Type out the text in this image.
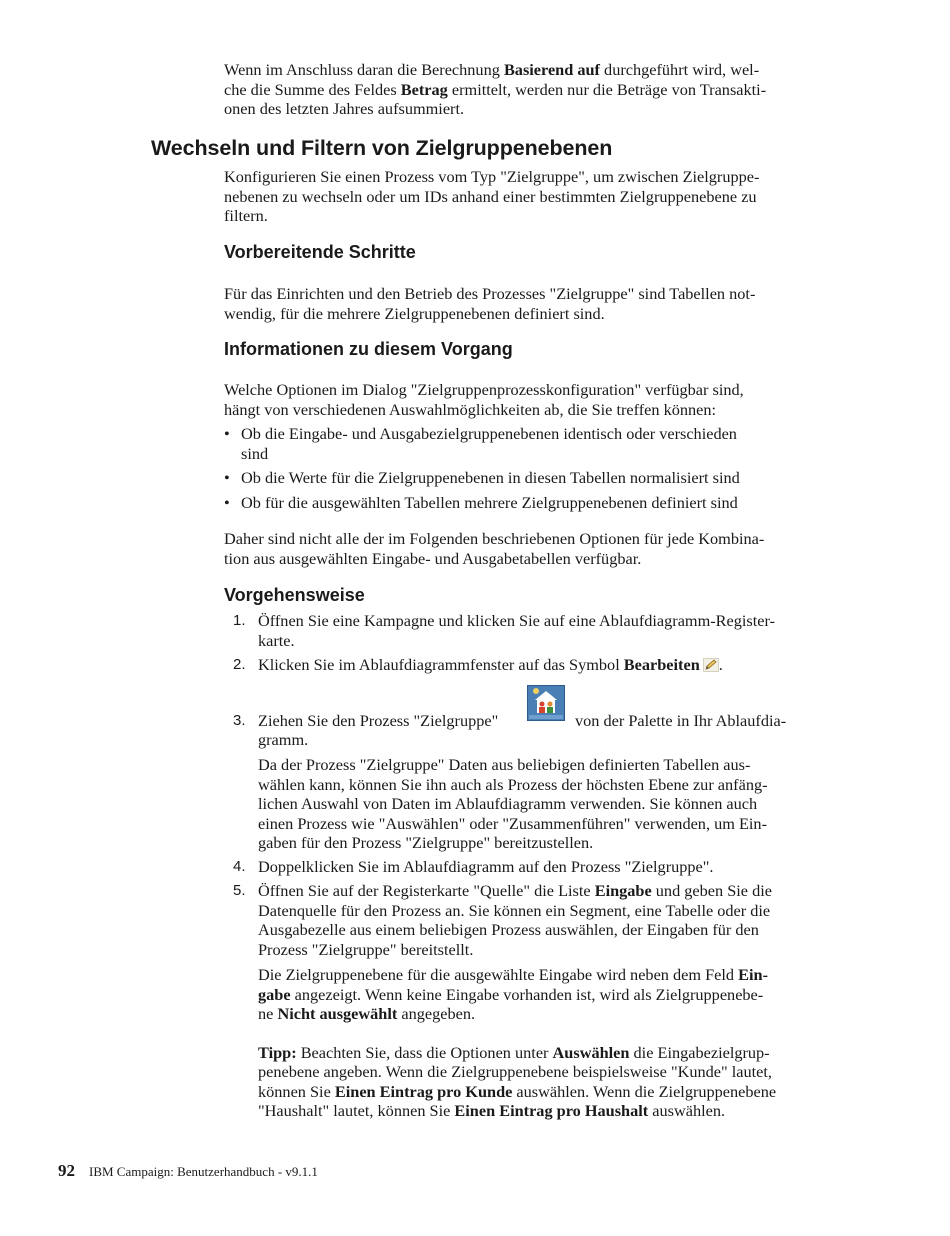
Wenn im Anschluss daran die Berechnung Basierend auf durchgeführt wird, wel-
che die Summe des Feldes Betrag ermittelt, werden nur die Beträge von Transakti-
onen des letzten Jahres aufsummiert.
Wechseln und Filtern von Zielgruppenebenen
Konfigurieren Sie einen Prozess vom Typ "Zielgruppe", um zwischen Zielgruppe-
nebenen zu wechseln oder um IDs anhand einer bestimmten Zielgruppenebene zu
filtern.
Vorbereitende Schritte
Für das Einrichten und den Betrieb des Prozesses "Zielgruppe" sind Tabellen not-
wendig, für die mehrere Zielgruppenebenen definiert sind.
Informationen zu diesem Vorgang
Welche Optionen im Dialog "Zielgruppenprozesskonfiguration" verfügbar sind,
hängt von verschiedenen Auswahlmöglichkeiten ab, die Sie treffen können:
• Ob die Eingabe- und Ausgabezielgruppenebenen identisch oder verschieden
sind
• Ob die Werte für die Zielgruppenebenen in diesen Tabellen normalisiert sind
• Ob für die ausgewählten Tabellen mehrere Zielgruppenebenen definiert sind
Daher sind nicht alle der im Folgenden beschriebenen Optionen für jede Kombina-
tion aus ausgewählten Eingabe- und Ausgabetabellen verfügbar.
Vorgehensweise
1. Öffnen Sie eine Kampagne und klicken Sie auf eine Ablaufdiagramm-Register-
karte.
2. Klicken Sie im Ablaufdiagrammfenster auf das Symbol Bearbeiten .
3. Ziehen Sie den Prozess "Zielgruppe"	von der Palette in Ihr Ablaufdia-
gramm.
Da der Prozess "Zielgruppe" Daten aus beliebigen definierten Tabellen aus-
wählen kann, können Sie ihn auch als Prozess der höchsten Ebene zur anfäng-
lichen Auswahl von Daten im Ablaufdiagramm verwenden. Sie können auch
einen Prozess wie "Auswählen" oder "Zusammenführen" verwenden, um Ein-
gaben für den Prozess "Zielgruppe" bereitzustellen.
4. Doppelklicken Sie im Ablaufdiagramm auf den Prozess "Zielgruppe".
5. Öffnen Sie auf der Registerkarte "Quelle" die Liste Eingabe und geben Sie die
Datenquelle für den Prozess an. Sie können ein Segment, eine Tabelle oder die
Ausgabezelle aus einem beliebigen Prozess auswählen, der Eingaben für den
Prozess "Zielgruppe" bereitstellt.
Die Zielgruppenebene für die ausgewählte Eingabe wird neben dem Feld Ein-
gabe angezeigt. Wenn keine Eingabe vorhanden ist, wird als Zielgruppenebe-
ne Nicht ausgewählt angegeben.
Tipp: Beachten Sie, dass die Optionen unter Auswählen die Eingabezielgrup-
penebene angeben. Wenn die Zielgruppenebene beispielsweise "Kunde" lautet,
können Sie Einen Eintrag pro Kunde auswählen. Wenn die Zielgruppenebene
"Haushalt" lautet, können Sie Einen Eintrag pro Haushalt auswählen.
92 IBM Campaign: Benutzerhandbuch - v9.1.1
